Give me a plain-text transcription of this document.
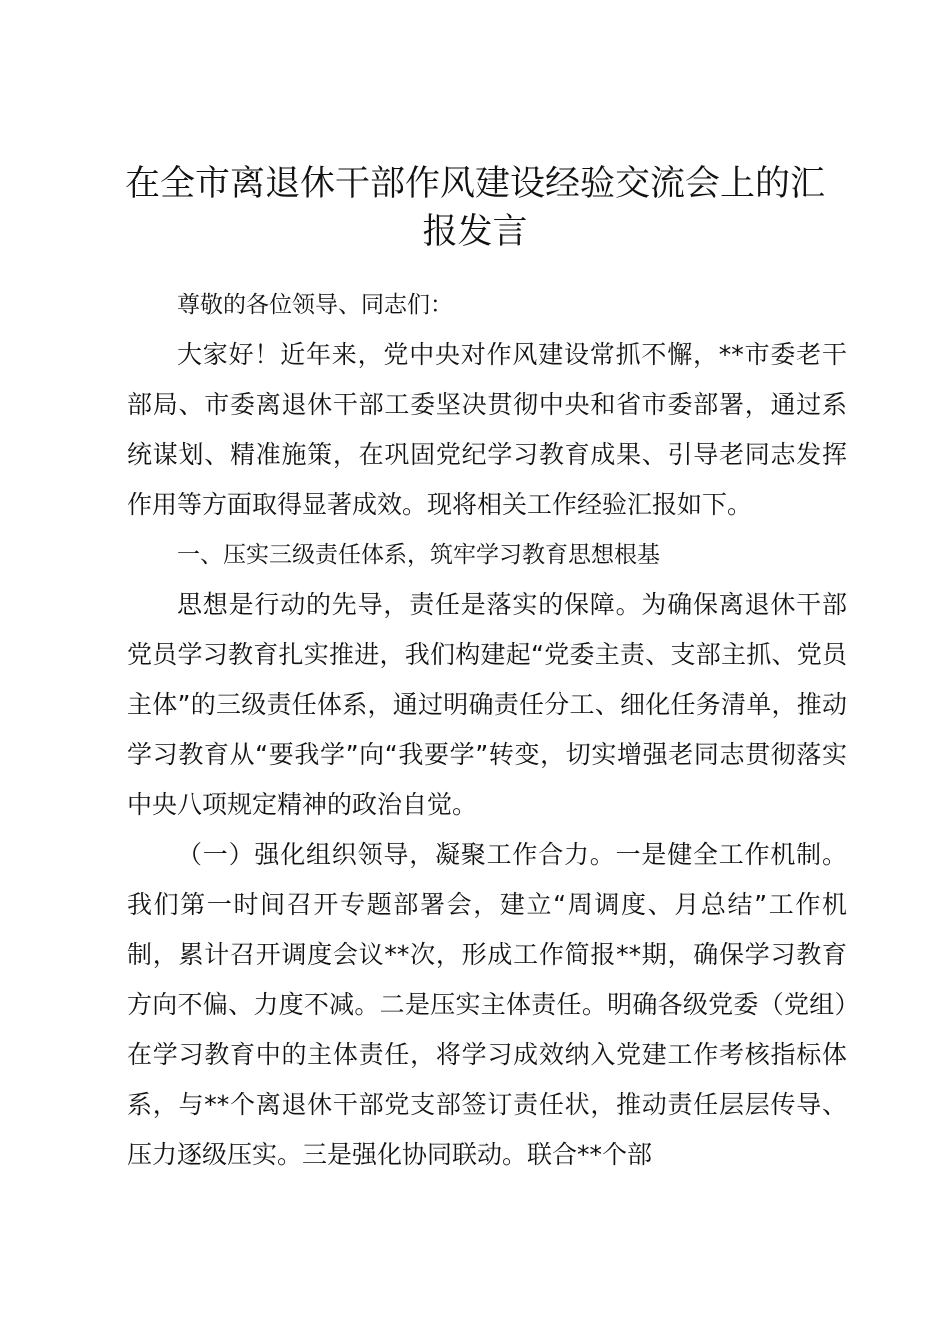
在全市离退休干部作风建设经验交流会上的汇报发言

尊敬的各位领导、同志们：

大家好！近年来，党中央对作风建设常抓不懈，**市委老干部局、市委离退休干部工委坚决贯彻中央和省市委部署，通过系统谋划、精准施策，在巩固党纪学习教育成果、引导老同志发挥作用等方面取得显著成效。现将相关工作经验汇报如下。

一、压实三级责任体系，筑牢学习教育思想根基

思想是行动的先导，责任是落实的保障。为确保离退休干部党员学习教育扎实推进，我们构建起“党委主责、支部主抓、党员主体”的三级责任体系，通过明确责任分工、细化任务清单，推动学习教育从“要我学”向“我要学”转变，切实增强老同志贯彻落实中央八项规定精神的政治自觉。

（一）强化组织领导，凝聚工作合力。一是健全工作机制。我们第一时间召开专题部署会，建立“周调度、月总结”工作机制，累计召开调度会议**次，形成工作简报**期，确保学习教育方向不偏、力度不减。二是压实主体责任。明确各级党委（党组）在学习教育中的主体责任，将学习成效纳入党建工作考核指标体系，与**个离退休干部党支部签订责任状，推动责任层层传导、压力逐级压实。三是强化协同联动。联合**个部
